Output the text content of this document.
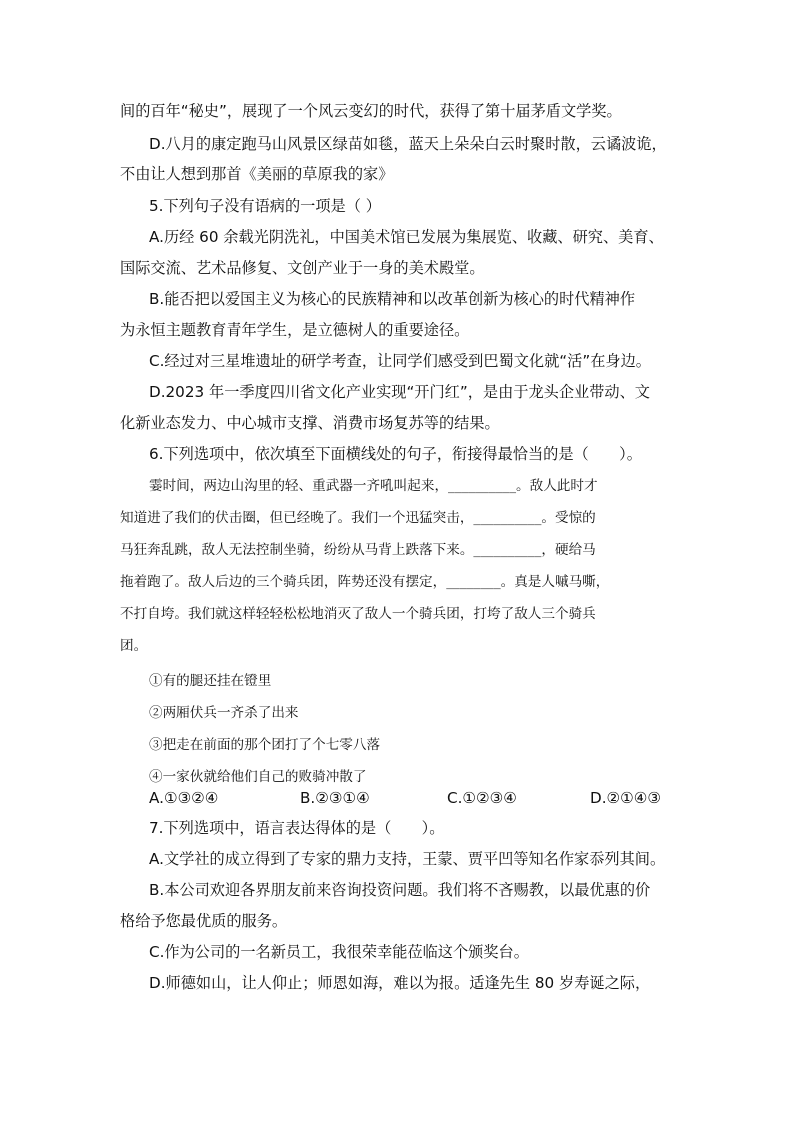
间的百年“秘史”，展现了一个风云变幻的时代，获得了第十届茅盾文学奖。
D.八月的康定跑马山风景区绿苗如毯，蓝天上朵朵白云时聚时散，云谲波诡，
不由让人想到那首《美丽的草原我的家》
5.下列句子没有语病的一项是（ ）
A.历经 60 余载光阴洗礼，中国美术馆已发展为集展览、收藏、研究、美育、
国际交流、艺术品修复、文创产业于一身的美术殿堂。
B.能否把以爱国主义为核心的民族精神和以改革创新为核心的时代精神作
为永恒主题教育青年学生，是立德树人的重要途径。
C.经过对三星堆遗址的研学考查，让同学们感受到巴蜀文化就“活”在身边。
D.2023 年一季度四川省文化产业实现“开门红”，是由于龙头企业带动、文
化新业态发力、中心城市支撑、消费市场复苏等的结果。
6.下列选项中，依次填至下面横线处的句子，衔接得最恰当的是（　　）。
霎时间，两边山沟里的轻、重武器一齐吼叫起来，__________。敌人此时才
知道进了我们的伏击圈，但已经晚了。我们一个迅猛突击，__________。受惊的
马狂奔乱跳，敌人无法控制坐骑，纷纷从马背上跌落下来。__________，硬给马
拖着跑了。敌人后边的三个骑兵团，阵势还没有摆定，________。真是人嘁马嘶，
不打自垮。我们就这样轻轻松松地消灭了敌人一个骑兵团，打垮了敌人三个骑兵
团。
①有的腿还挂在镫里
②两厢伏兵一齐杀了出来
③把走在前面的那个团打了个七零八落
④一家伙就给他们自己的败骑冲散了
A.①③②④	B.②③①④	C.①②③④	D.②①④③
7.下列选项中，语言表达得体的是（　　）。
A.文学社的成立得到了专家的鼎力支持，王蒙、贾平凹等知名作家忝列其间。
B.本公司欢迎各界朋友前来咨询投资问题。我们将不吝赐教，以最优惠的价
格给予您最优质的服务。
C.作为公司的一名新员工，我很荣幸能莅临这个颁奖台。
D.师德如山，让人仰止；师恩如海，难以为报。适逢先生 80 岁寿诞之际，
